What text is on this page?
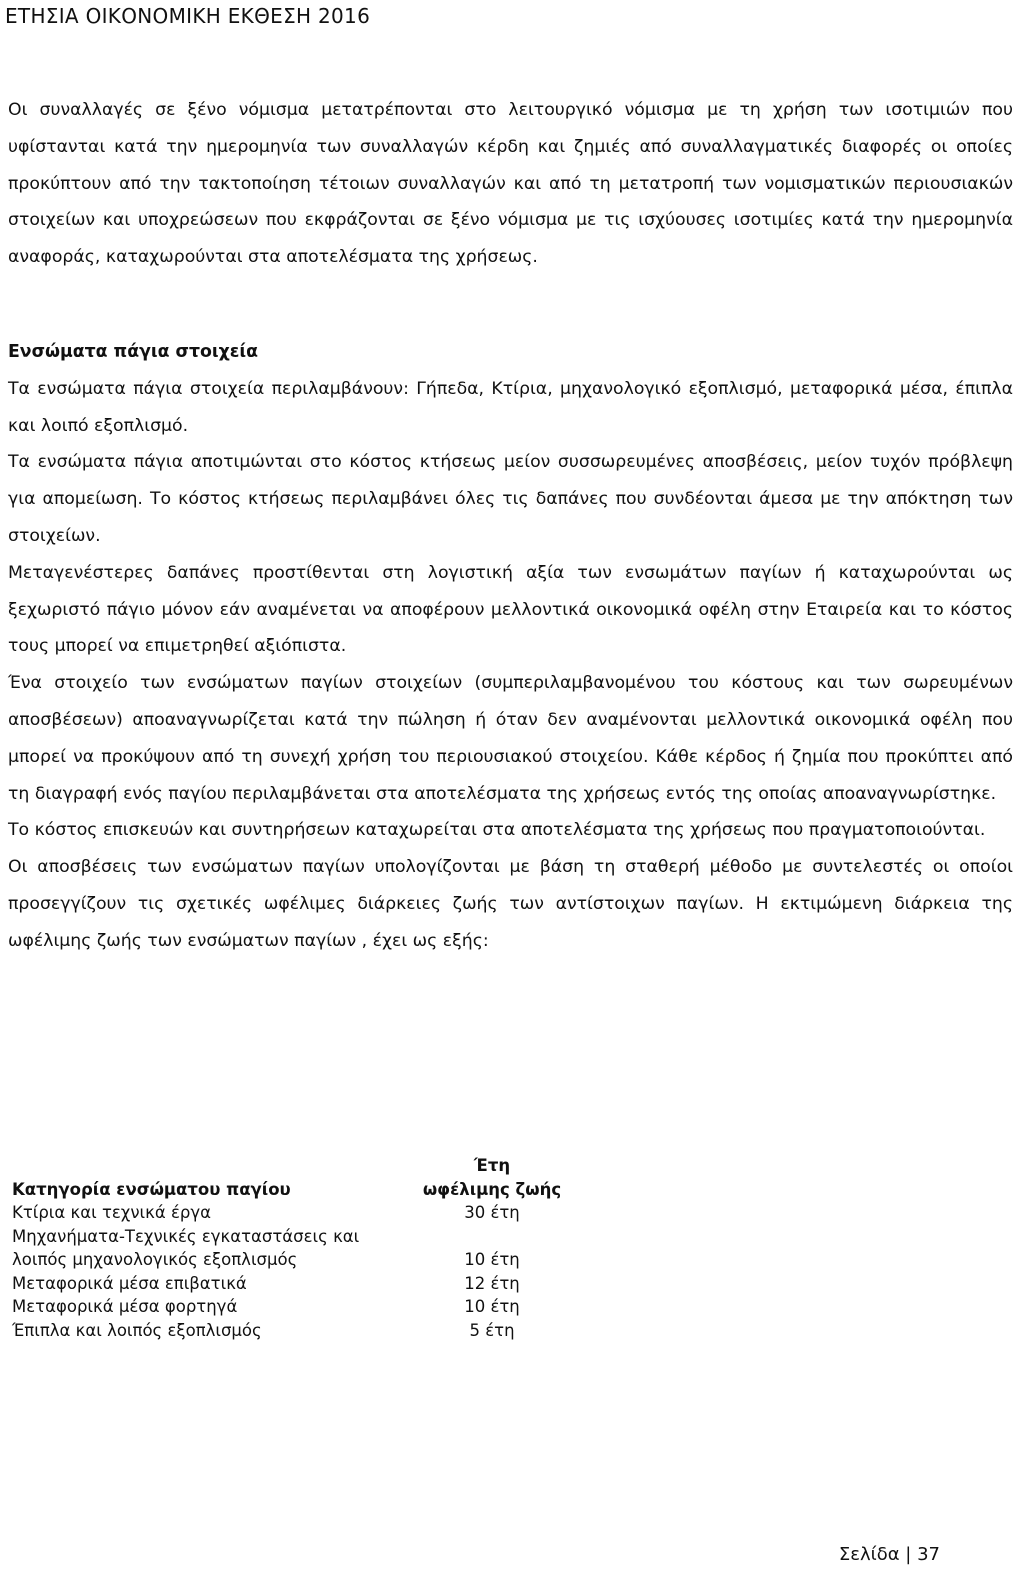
ΕΤΗΣΙΑ ΟΙΚΟΝΟΜΙΚΗ ΕΚΘΕΣΗ 2016

Οι συναλλαγές σε ξένο νόμισμα μετατρέπονται στο λειτουργικό νόμισμα με τη χρήση των ισοτιμιών που υφίστανται κατά την ημερομηνία των συναλλαγών κέρδη και ζημιές από συναλλαγματικές διαφορές οι οποίες προκύπτουν από την τακτοποίηση τέτοιων συναλλαγών και από τη μετατροπή των νομισματικών περιουσιακών στοιχείων και υποχρεώσεων που εκφράζονται σε ξένο νόμισμα με τις ισχύουσες ισοτιμίες κατά την ημερομηνία αναφοράς, καταχωρούνται στα αποτελέσματα της χρήσεως.

Ενσώματα πάγια στοιχεία

Τα ενσώματα πάγια στοιχεία περιλαμβάνουν: Γήπεδα, Κτίρια, μηχανολογικό εξοπλισμό, μεταφορικά μέσα, έπιπλα και λοιπό εξοπλισμό.

Τα ενσώματα πάγια αποτιμώνται στο κόστος κτήσεως μείον συσσωρευμένες αποσβέσεις, μείον τυχόν πρόβλεψη για απομείωση. Το κόστος κτήσεως περιλαμβάνει όλες τις δαπάνες που συνδέονται άμεσα με την απόκτηση των στοιχείων.

Μεταγενέστερες δαπάνες προστίθενται στη λογιστική αξία των ενσωμάτων παγίων ή καταχωρούνται ως ξεχωριστό πάγιο μόνον εάν αναμένεται να αποφέρουν μελλοντικά οικονομικά οφέλη στην Εταιρεία και το κόστος τους μπορεί να επιμετρηθεί αξιόπιστα.

Ένα στοιχείο των ενσώματων παγίων στοιχείων (συμπεριλαμβανομένου του κόστους και των σωρευμένων αποσβέσεων) αποαναγνωρίζεται κατά την πώληση ή όταν δεν αναμένονται μελλοντικά οικονομικά οφέλη που μπορεί να προκύψουν από τη συνεχή χρήση του περιουσιακού στοιχείου. Κάθε κέρδος ή ζημία που προκύπτει από τη διαγραφή ενός παγίου περιλαμβάνεται στα αποτελέσματα της χρήσεως εντός της οποίας αποαναγνωρίστηκε.

Το κόστος επισκευών και συντηρήσεων καταχωρείται στα αποτελέσματα της χρήσεως που πραγματοποιούνται.

Οι αποσβέσεις των ενσώματων παγίων υπολογίζονται με βάση τη σταθερή μέθοδο με συντελεστές οι οποίοι προσεγγίζουν τις σχετικές ωφέλιμες διάρκειες ζωής των αντίστοιχων παγίων. Η εκτιμώμενη διάρκεια της ωφέλιμης ζωής των ενσώματων παγίων , έχει ως εξής:

Κατηγορία ενσώματου παγίου	Έτη
ωφέλιμης ζωής
Κτίρια και τεχνικά έργα	30 έτη
Μηχανήματα-Τεχνικές εγκαταστάσεις και
λοιπός μηχανολογικός εξοπλισμός	10 έτη
Μεταφορικά μέσα επιβατικά	12 έτη
Μεταφορικά μέσα φορτηγά	10 έτη
Έπιπλα και λοιπός εξοπλισμός	5 έτη
Σελίδα | 37
